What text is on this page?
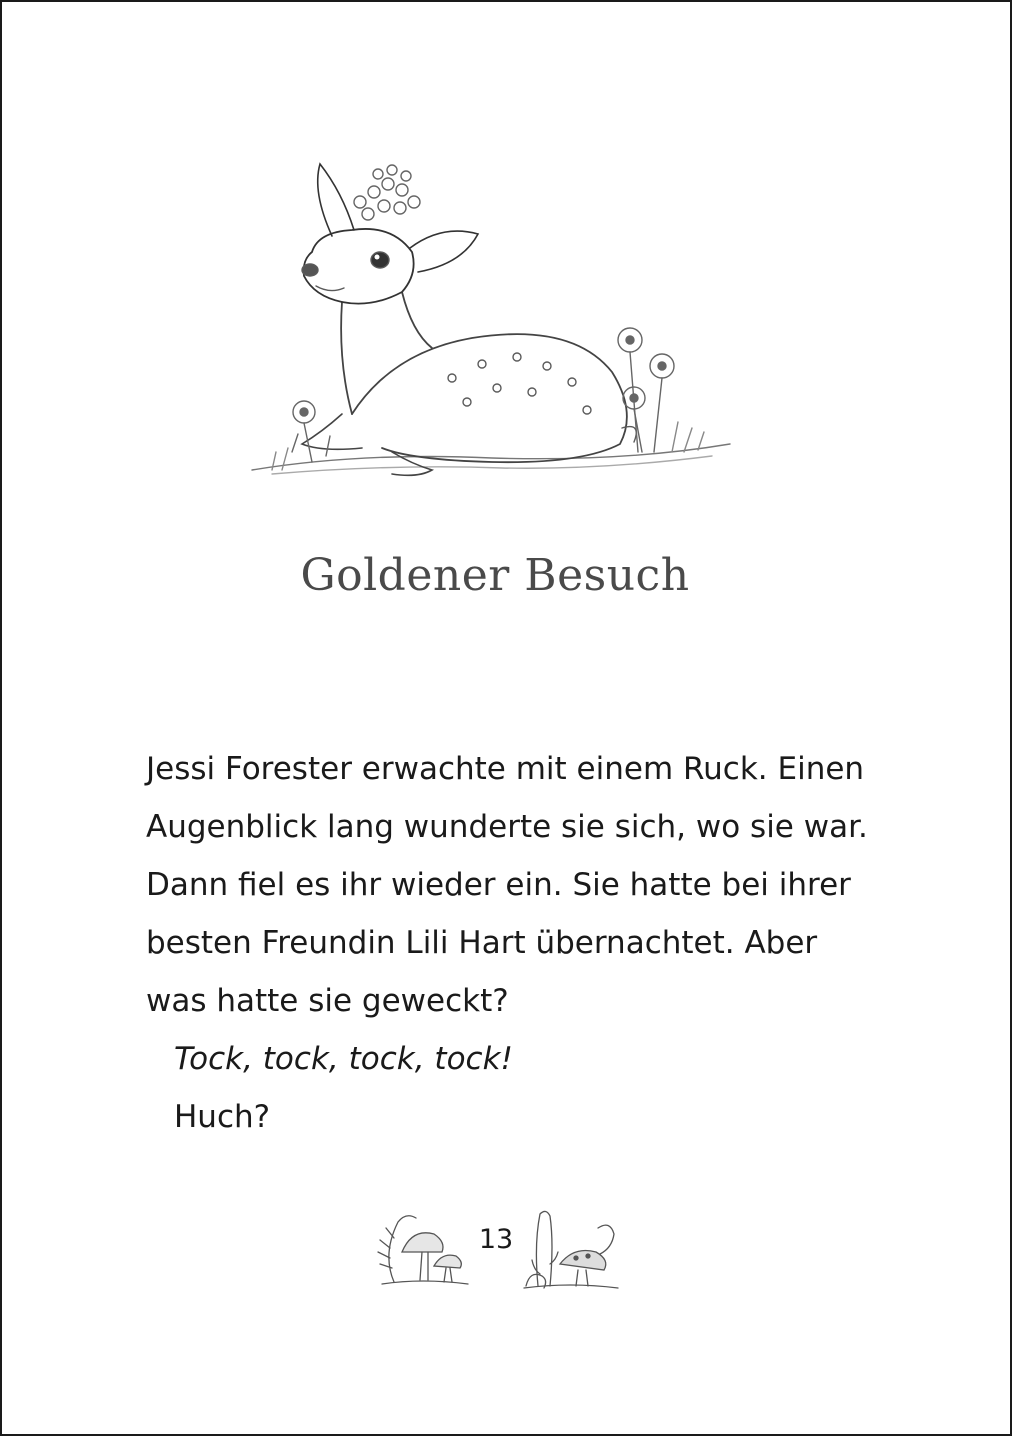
Goldener Besuch
Jessi Forester erwachte mit einem Ruck. Einen
Augenblick lang wunderte sie sich, wo sie war.
Dann fiel es ihr wieder ein. Sie hatte bei ihrer
besten Freundin Lili Hart übernachtet. Aber
was hatte sie geweckt?
Tock, tock, tock, tock!
Huch?
13
